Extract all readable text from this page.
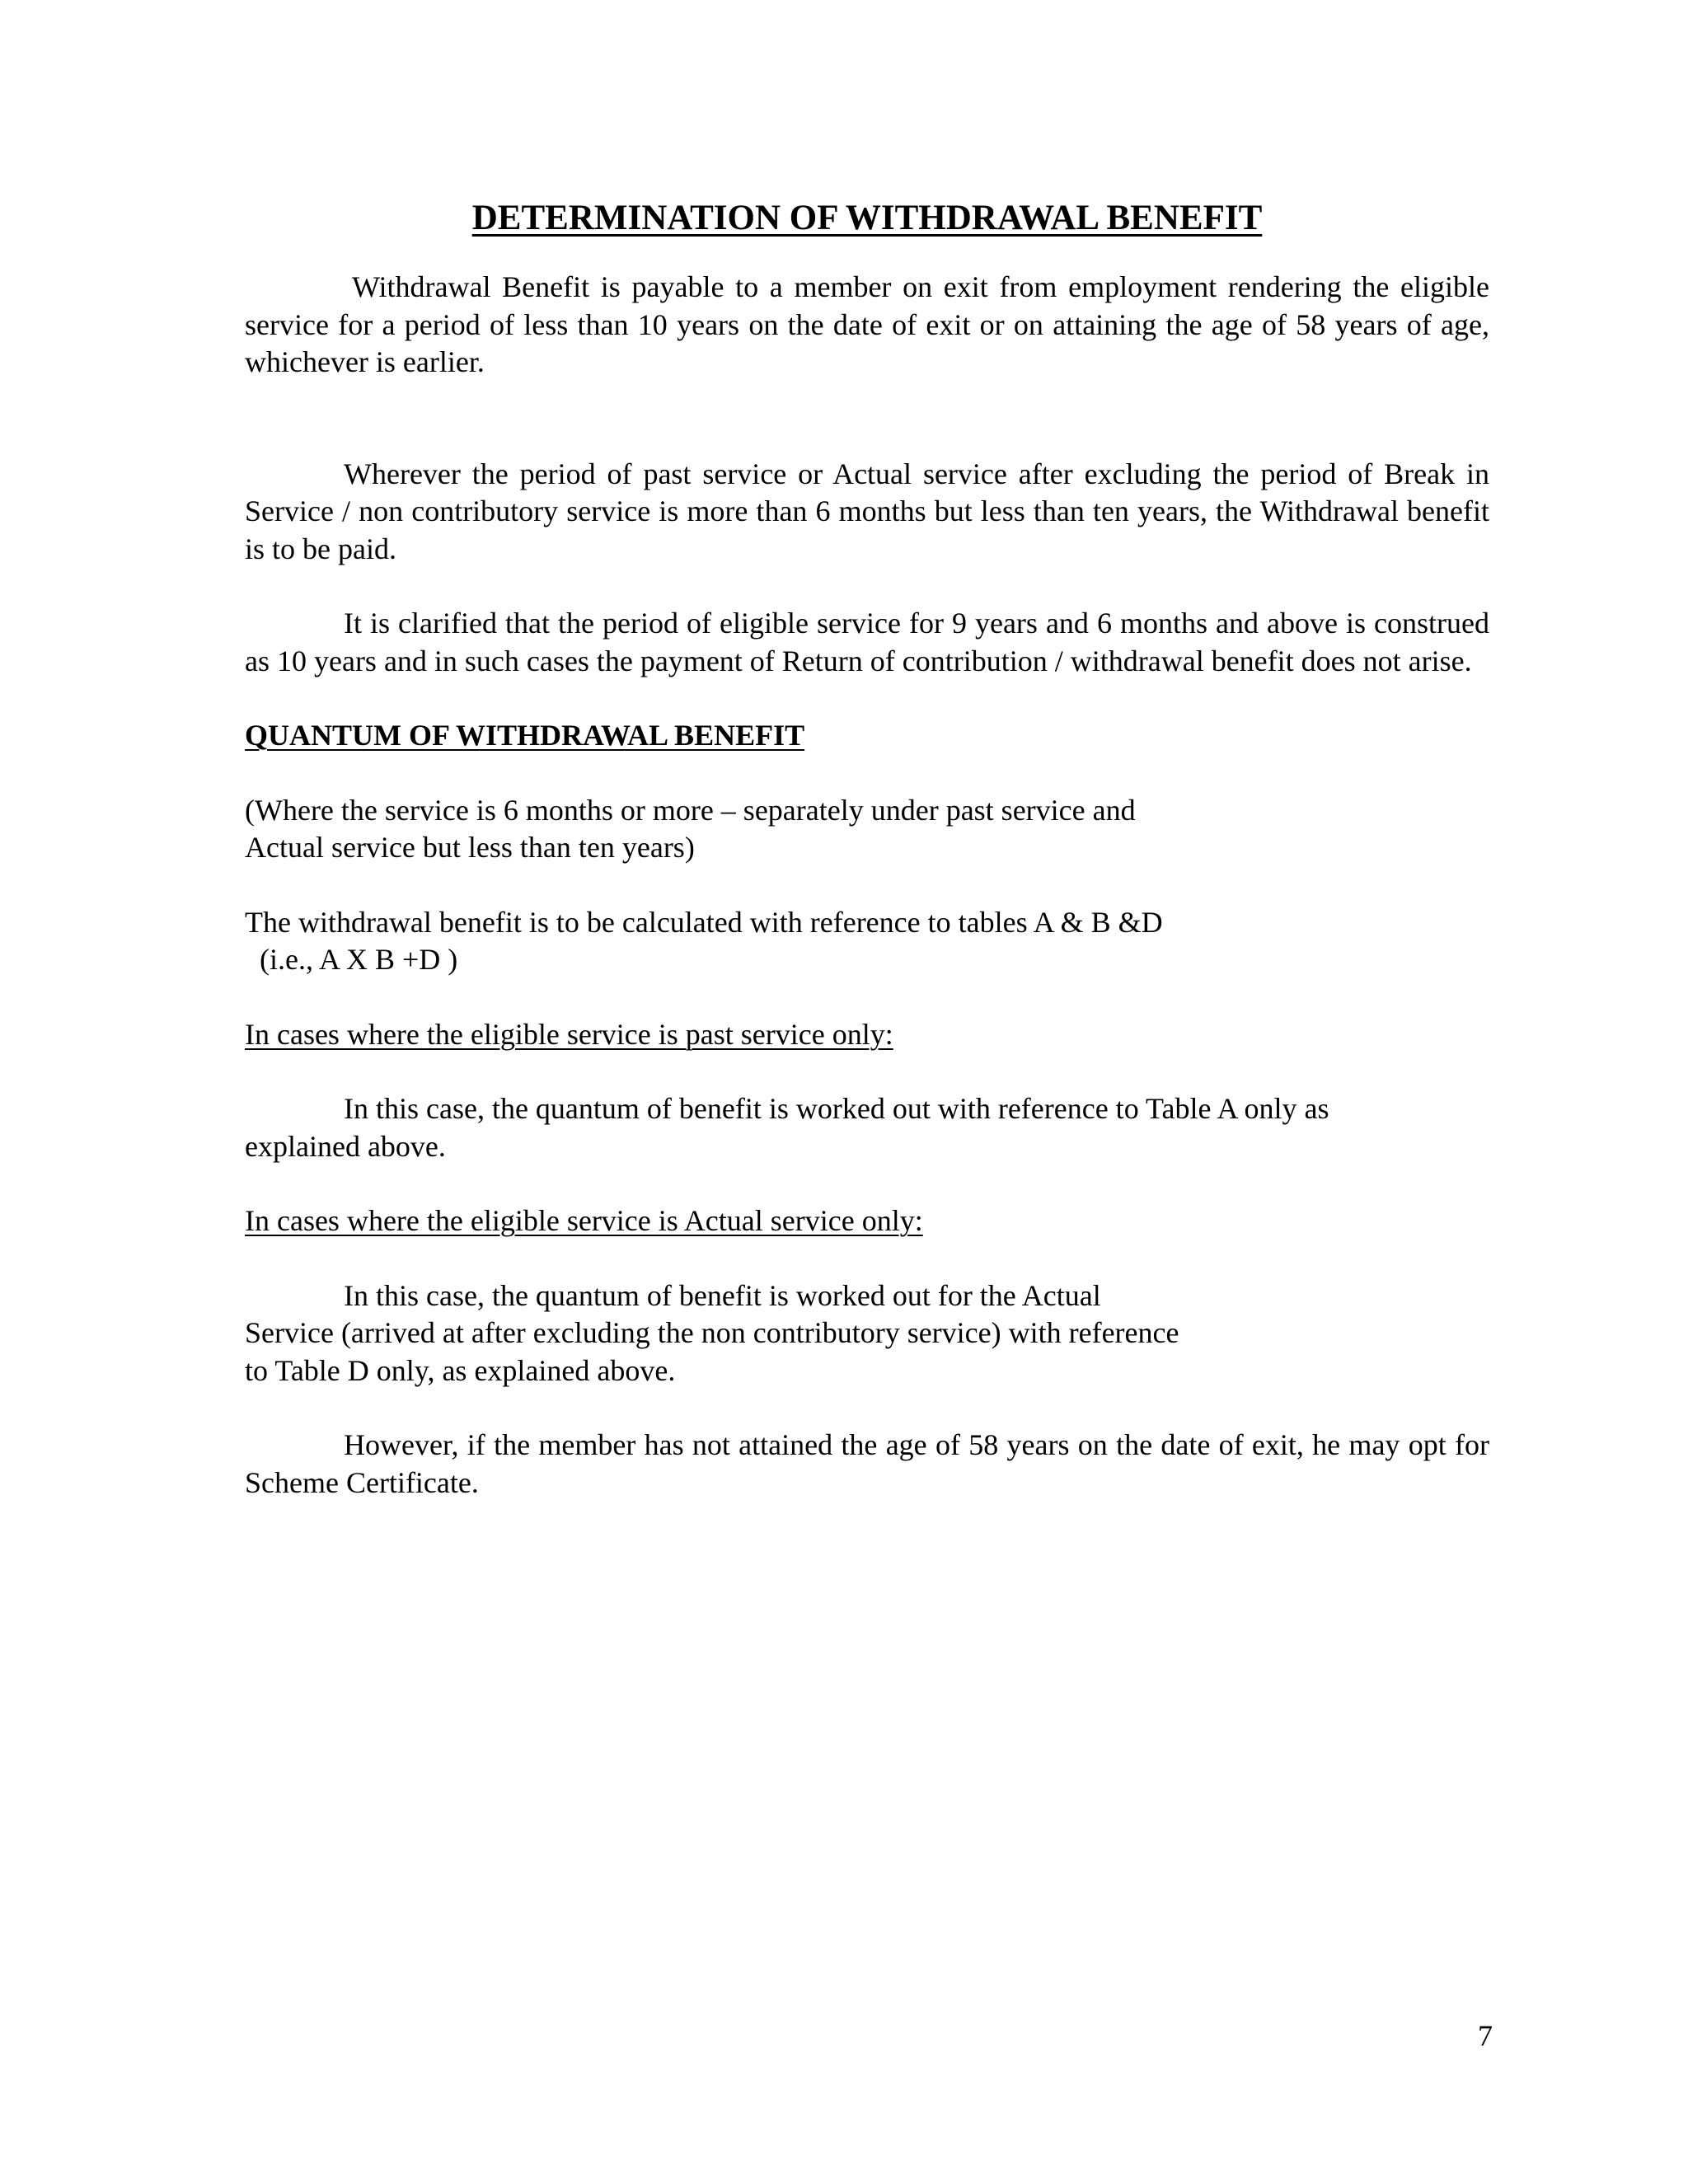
DETERMINATION OF WITHDRAWAL BENEFIT

Withdrawal Benefit is payable to a member on exit from employment rendering the eligible service for a period of less than 10 years on the date of exit or on attaining the age of 58 years of age, whichever is earlier.

Wherever the period of past service or Actual service after excluding the period of Break in Service / non contributory service is more than 6 months but less than ten years, the Withdrawal benefit is to be paid.

It is clarified that the period of eligible service for 9 years and 6 months and above is construed as 10 years and in such cases the payment of Return of contribution / withdrawal benefit does not arise.

QUANTUM OF WITHDRAWAL BENEFIT

(Where the service is 6 months or more – separately under past service and
Actual service but less than ten years)

The withdrawal benefit is to be calculated with reference to tables A & B &D
(i.e., A X B +D )

In cases where the eligible service is past service only:

In this case, the quantum of benefit is worked out with reference to Table A only as
explained above.

In cases where the eligible service is Actual service only:

In this case, the quantum of benefit is worked out for the Actual
Service (arrived at after excluding the non contributory service) with reference
to Table D only, as explained above.

However, if the member has not attained the age of 58 years on the date of exit, he may opt for Scheme Certificate.

7
